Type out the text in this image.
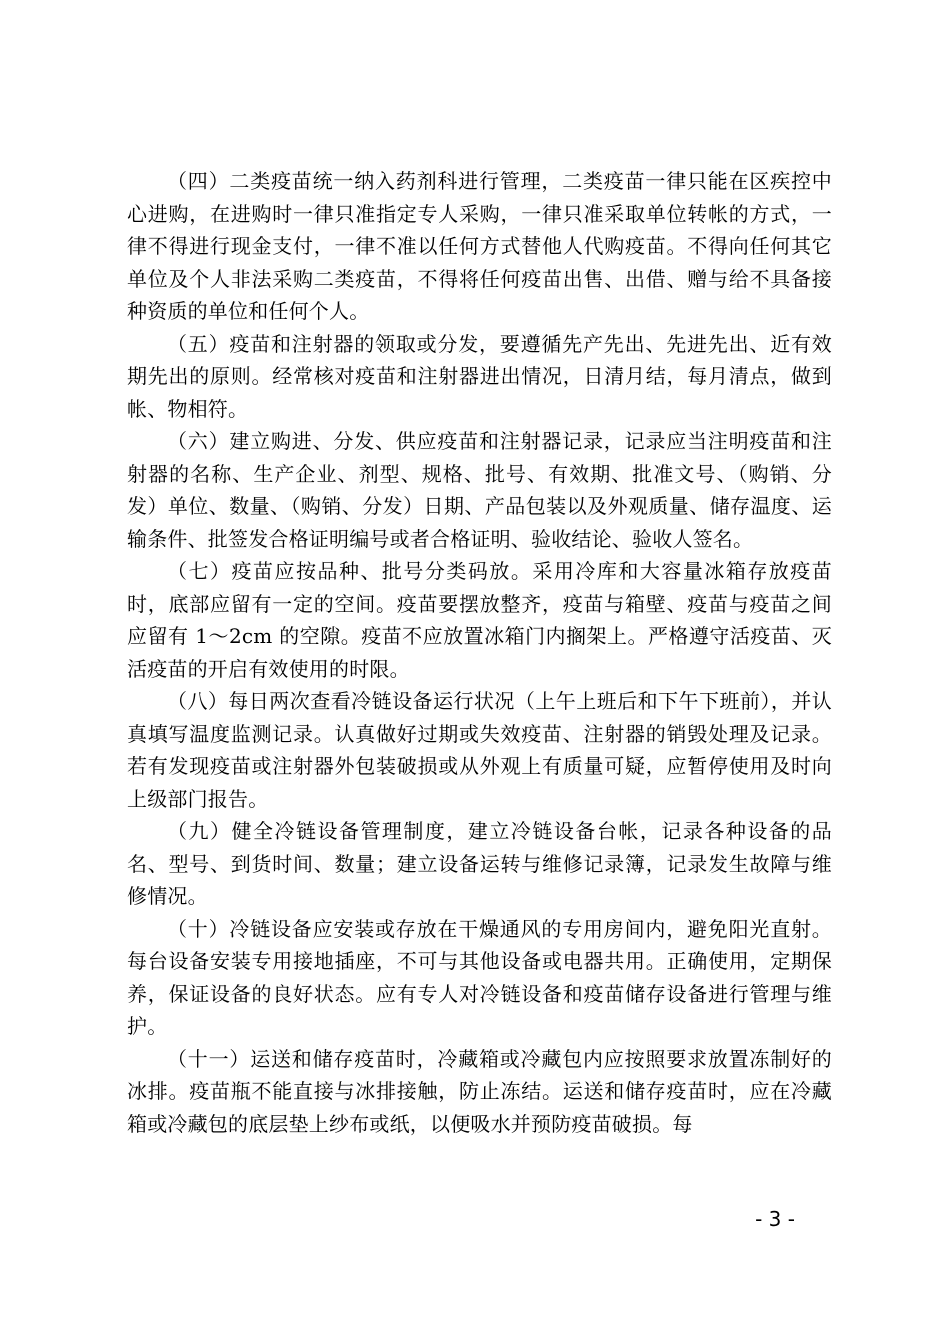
（四）二类疫苗统一纳入药剂科进行管理，二类疫苗一律只能在区疾控中心进购，在进购时一律只准指定专人采购，一律只准采取单位转帐的方式，一律不得进行现金支付，一律不准以任何方式替他人代购疫苗。不得向任何其它单位及个人非法采购二类疫苗，不得将任何疫苗出售、出借、赠与给不具备接种资质的单位和任何个人。

（五）疫苗和注射器的领取或分发，要遵循先产先出、先进先出、近有效期先出的原则。经常核对疫苗和注射器进出情况，日清月结，每月清点，做到帐、物相符。

（六）建立购进、分发、供应疫苗和注射器记录，记录应当注明疫苗和注射器的名称、生产企业、剂型、规格、批号、有效期、批准文号、（购销、分发）单位、数量、（购销、分发）日期、产品包装以及外观质量、储存温度、运输条件、批签发合格证明编号或者合格证明、验收结论、验收人签名。

（七）疫苗应按品种、批号分类码放。采用冷库和大容量冰箱存放疫苗时，底部应留有一定的空间。疫苗要摆放整齐，疫苗与箱壁、疫苗与疫苗之间应留有 1～2cm 的空隙。疫苗不应放置冰箱门内搁架上。严格遵守活疫苗、灭活疫苗的开启有效使用的时限。

（八）每日两次查看冷链设备运行状况（上午上班后和下午下班前），并认真填写温度监测记录。认真做好过期或失效疫苗、注射器的销毁处理及记录。若有发现疫苗或注射器外包装破损或从外观上有质量可疑，应暂停使用及时向上级部门报告。

（九）健全冷链设备管理制度，建立冷链设备台帐，记录各种设备的品名、型号、到货时间、数量；建立设备运转与维修记录簿，记录发生故障与维修情况。

（十）冷链设备应安装或存放在干燥通风的专用房间内，避免阳光直射。每台设备安装专用接地插座，不可与其他设备或电器共用。正确使用，定期保养，保证设备的良好状态。应有专人对冷链设备和疫苗储存设备进行管理与维护。

（十一）运送和储存疫苗时，冷藏箱或冷藏包内应按照要求放置冻制好的冰排。疫苗瓶不能直接与冰排接触，防止冻结。运送和储存疫苗时，应在冷藏箱或冷藏包的底层垫上纱布或纸，以便吸水并预防疫苗破损。每

- 3 -
